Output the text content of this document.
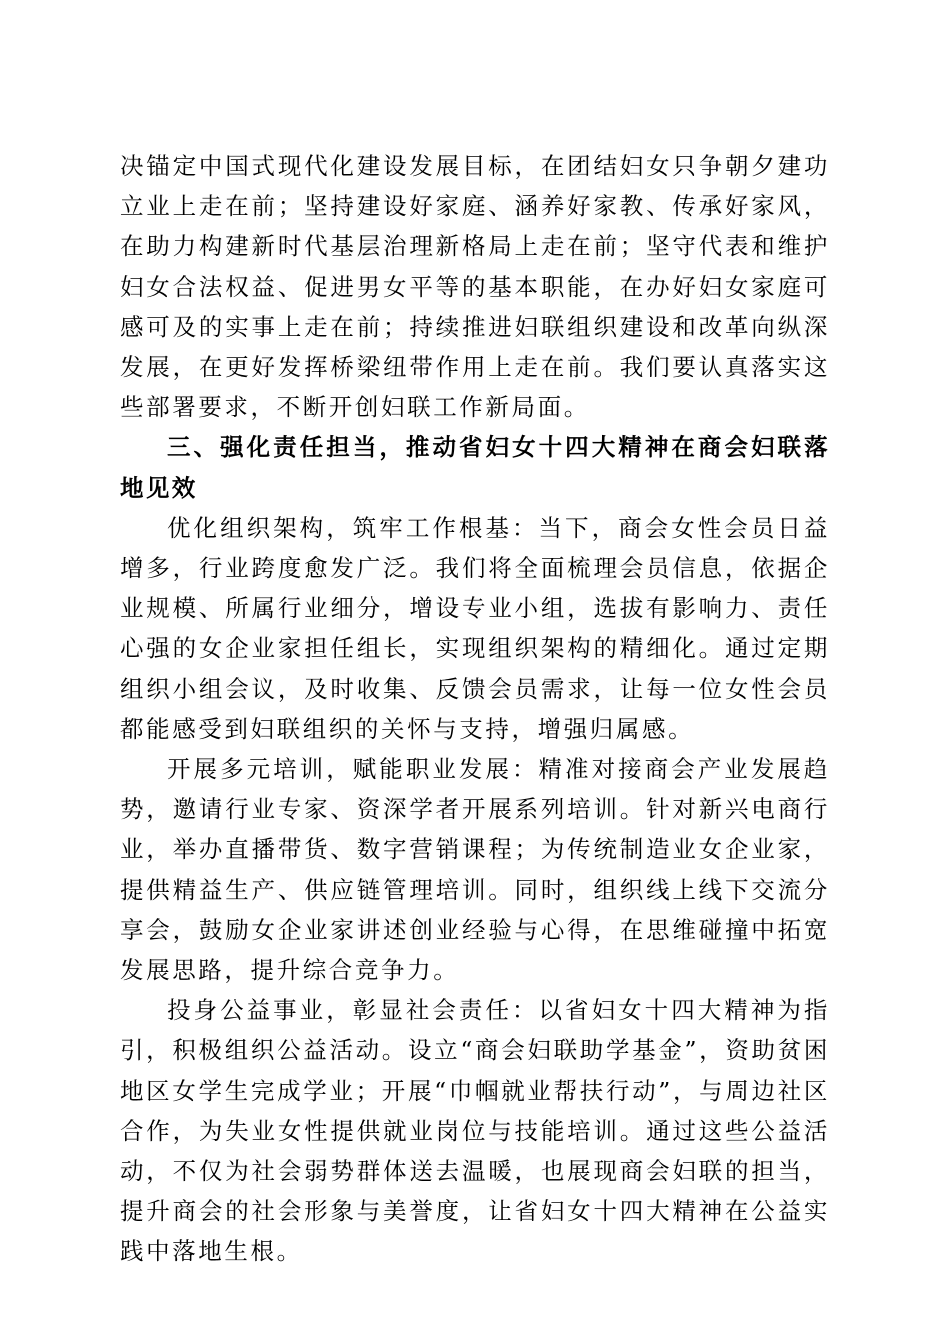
决锚定中国式现代化建设发展目标，在团结妇女只争朝夕建功立业上走在前；坚持建设好家庭、涵养好家教、传承好家风，在助力构建新时代基层治理新格局上走在前；坚守代表和维护妇女合法权益、促进男女平等的基本职能，在办好妇女家庭可感可及的实事上走在前；持续推进妇联组织建设和改革向纵深发展，在更好发挥桥梁纽带作用上走在前。我们要认真落实这些部署要求，不断开创妇联工作新局面。

三、强化责任担当，推动省妇女十四大精神在商会妇联落地见效

优化组织架构，筑牢工作根基：当下，商会女性会员日益增多，行业跨度愈发广泛。我们将全面梳理会员信息，依据企业规模、所属行业细分，增设专业小组，选拔有影响力、责任心强的女企业家担任组长，实现组织架构的精细化。通过定期组织小组会议，及时收集、反馈会员需求，让每一位女性会员都能感受到妇联组织的关怀与支持，增强归属感。

开展多元培训，赋能职业发展：精准对接商会产业发展趋势，邀请行业专家、资深学者开展系列培训。针对新兴电商行业，举办直播带货、数字营销课程；为传统制造业女企业家，提供精益生产、供应链管理培训。同时，组织线上线下交流分享会，鼓励女企业家讲述创业经验与心得，在思维碰撞中拓宽发展思路，提升综合竞争力。

投身公益事业，彰显社会责任：以省妇女十四大精神为指引，积极组织公益活动。设立“商会妇联助学基金”，资助贫困地区女学生完成学业；开展“巾帼就业帮扶行动”，与周边社区合作，为失业女性提供就业岗位与技能培训。通过这些公益活动，不仅为社会弱势群体送去温暖，也展现商会妇联的担当，提升商会的社会形象与美誉度，让省妇女十四大精神在公益实践中落地生根。
